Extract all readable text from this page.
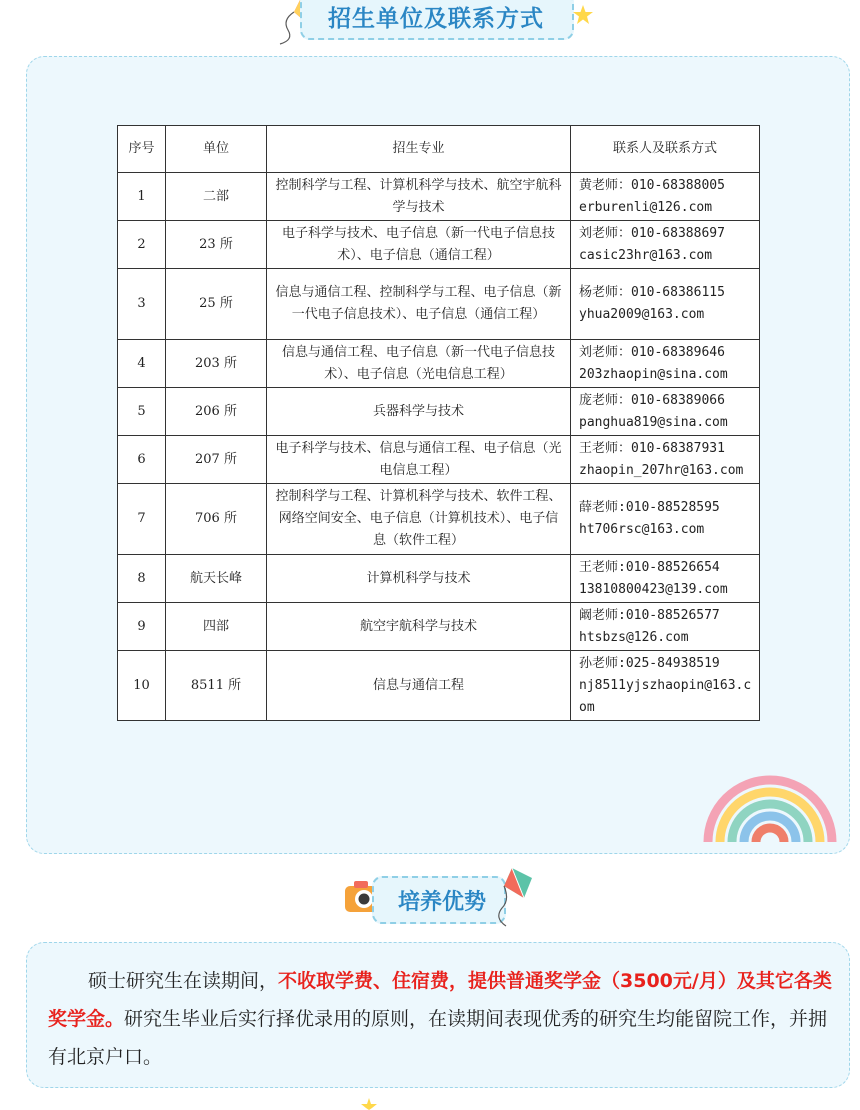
招生单位及联系方式
序号	单位	招生专业	联系人及联系方式
1	二部	控制科学与工程、计算机科学与技术、航空宇航科学与技术	黄老师：010-68388005
erburenli@126.com

2	23 所	电子科学与技术、电子信息（新一代电子信息技术）、电子信息（通信工程）	刘老师：010-68388697
casic23hr@163.com

3	25 所	信息与通信工程、控制科学与工程、电子信息（新一代电子信息技术）、电子信息（通信工程）	杨老师：010-68386115
yhua2009@163.com

4	203 所	信息与通信工程、电子信息（新一代电子信息技术）、电子信息（光电信息工程）	刘老师：010-68389646
203zhaopin@sina.com

5	206 所	兵器科学与技术	庞老师：010-68389066
panghua819@sina.com

6	207 所	电子科学与技术、信息与通信工程、电子信息（光电信息工程）	王老师：010-68387931
zhaopin_207hr@163.com

7	706 所	控制科学与工程、计算机科学与技术、软件工程、网络空间安全、电子信息（计算机技术）、电子信息（软件工程）	薛老师:010-88528595
ht706rsc@163.com

8	航天长峰	计算机科学与技术	王老师:010-88526654
13810800423@139.com

9	四部	航空宇航科学与技术	阚老师:010-88526577
htsbzs@126.com

10	8511 所	信息与通信工程	孙老师:025-84938519
nj8511yjszhaopin@163.com
培养优势
硕士研究生在读期间，不收取学费、住宿费，提供普通奖学金（3500元/月）及其它各类奖学金。研究生毕业后实行择优录用的原则，在读期间表现优秀的研究生均能留院工作，并拥有北京户口。
